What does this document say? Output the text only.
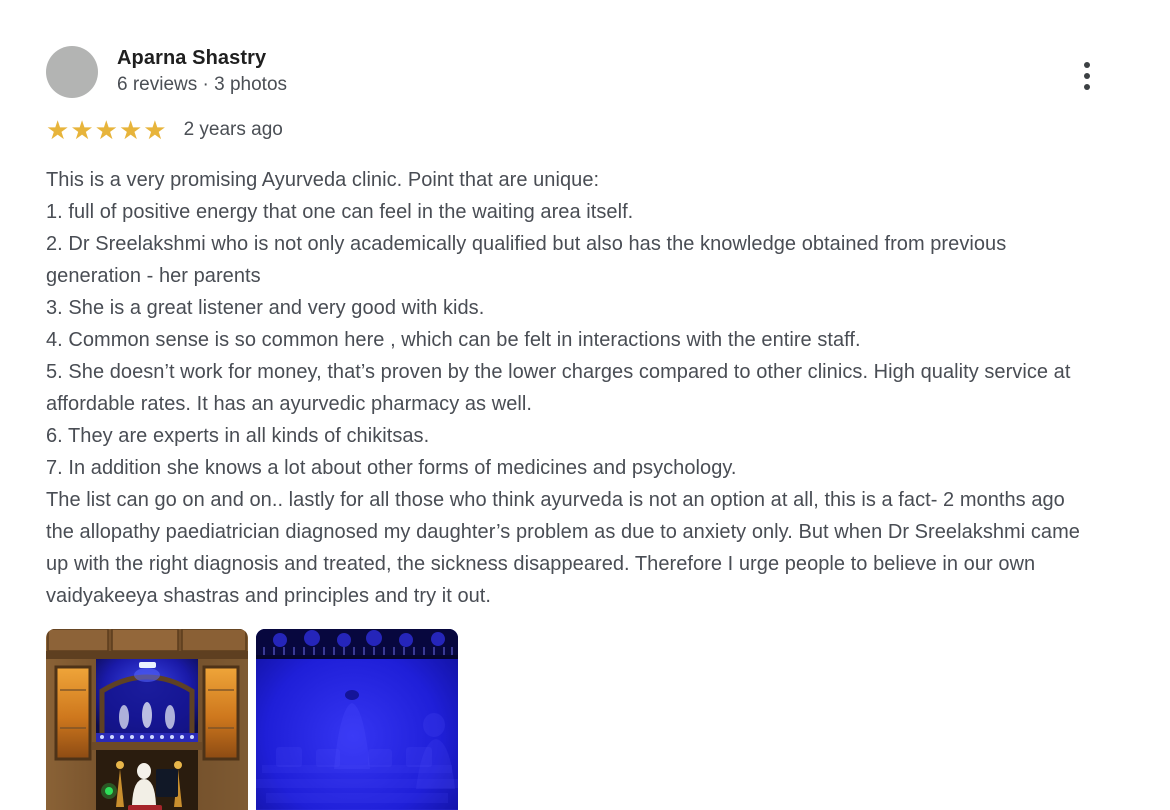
Aparna Shastry
6 reviews · 3 photos
★ ★ ★ ★ ★ 2 years ago

This is a very promising Ayurveda clinic. Point that are unique:

1. full of positive energy that one can feel in the waiting area itself.

2. Dr Sreelakshmi who is not only academically qualified but also has the knowledge obtained from previous generation - her parents

3. She is a great listener and very good with kids.

4. Common sense is so common here , which can be felt in interactions with the entire staff.

5. She doesn’t work for money, that’s proven by the lower charges compared to other clinics. High quality service at affordable rates. It has an ayurvedic pharmacy as well.

6. They are experts in all kinds of chikitsas.

7. In addition she knows a lot about other forms of medicines and psychology.

The list can go on and on.. lastly for all those who think ayurveda is not an option at all, this is a fact- 2 months ago the allopathy paediatrician diagnosed my daughter’s problem as due to anxiety only. But when Dr Sreelakshmi came up with the right diagnosis and treated, the sickness disappeared. Therefore I urge people to believe in our own vaidyakeeya shastras and principles and try it out.
